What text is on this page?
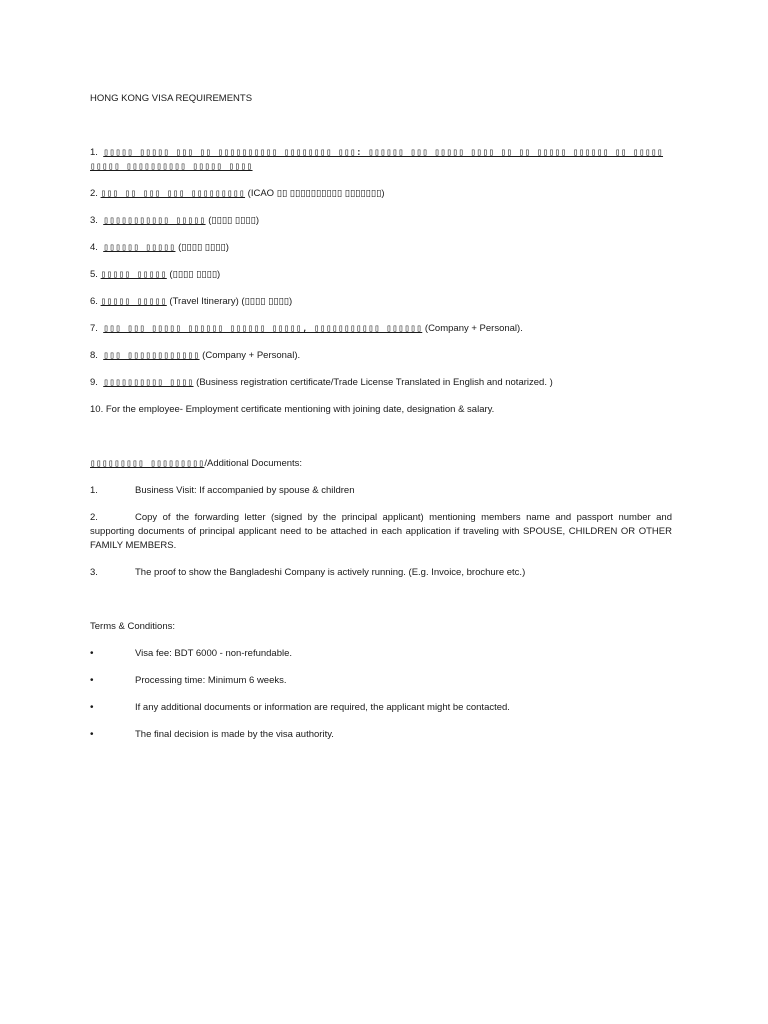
HONG KONG VISA REQUIREMENTS

1. ▯▯▯▯▯ ▯▯▯▯▯ ▯▯▯ ▯▯ ▯▯▯▯▯▯▯▯▯▯ ▯▯▯▯▯▯▯▯ ▯▯▯: ▯▯▯▯▯▯ ▯▯▯ ▯▯▯▯▯ ▯▯▯▯ ▯▯ ▯▯ ▯▯▯▯▯ ▯▯▯▯▯▯ ▯▯ ▯▯▯▯▯ ▯▯▯▯▯ ▯▯▯▯▯▯▯▯▯▯ ▯▯▯▯▯ ▯▯▯▯

2. ▯▯▯ ▯▯ ▯▯▯ ▯▯▯ ▯▯▯▯▯▯▯▯▯ (ICAO ▯▯ ▯▯▯▯▯▯▯▯▯▯ ▯▯▯▯▯▯▯)

3. ▯▯▯▯▯▯▯▯▯▯▯ ▯▯▯▯▯ (▯▯▯▯ ▯▯▯▯)

4. ▯▯▯▯▯▯ ▯▯▯▯▯ (▯▯▯▯ ▯▯▯▯)

5. ▯▯▯▯▯ ▯▯▯▯▯ (▯▯▯▯ ▯▯▯▯)

6. ▯▯▯▯▯ ▯▯▯▯▯ (Travel Itinerary) (▯▯▯▯ ▯▯▯▯)

7. ▯▯▯ ▯▯▯ ▯▯▯▯▯ ▯▯▯▯▯▯ ▯▯▯▯▯▯ ▯▯▯▯▯, ▯▯▯▯▯▯▯▯▯▯▯ ▯▯▯▯▯▯ (Company + Personal).

8. ▯▯▯ ▯▯▯▯▯▯▯▯▯▯▯▯ (Company + Personal).

9. ▯▯▯▯▯▯▯▯▯▯ ▯▯▯▯ (Business registration certificate/Trade License Translated in English and notarized. )

10. For the employee- Employment certificate mentioning with joining date, designation & salary.

▯▯▯▯▯▯▯▯▯ ▯▯▯▯▯▯▯▯▯/Additional Documents:
1.	Business Visit: If accompanied by spouse & children
2.	Copy of the forwarding letter (signed by the principal applicant) mentioning members name and passport number and supporting documents of principal applicant need to be attached in each application if traveling with SPOUSE, CHILDREN OR OTHER FAMILY MEMBERS.
3.	The proof to show the Bangladeshi Company is actively running. (E.g. Invoice, brochure etc.)
Terms & Conditions:
•	Visa fee: BDT 6000 - non-refundable.
•	Processing time: Minimum 6 weeks.
•	If any additional documents or information are required, the applicant might be contacted.
•	The final decision is made by the visa authority.
